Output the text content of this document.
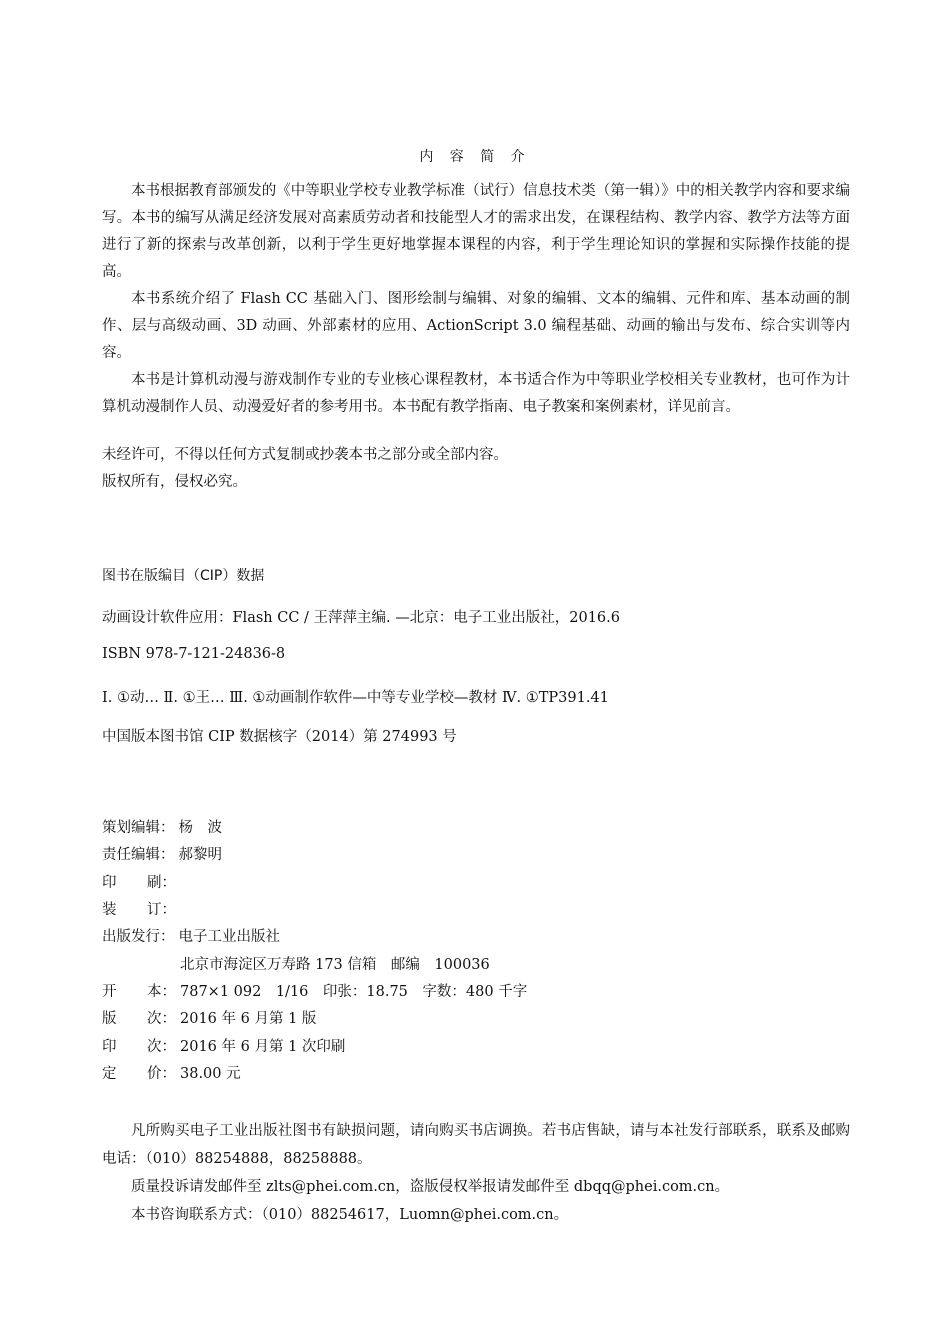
内 容 简 介

本书根据教育部颁发的《中等职业学校专业教学标准（试行）信息技术类（第一辑）》中的相关教学内容和要求编写。本书的编写从满足经济发展对高素质劳动者和技能型人才的需求出发，在课程结构、教学内容、教学方法等方面进行了新的探索与改革创新，以利于学生更好地掌握本课程的内容，利于学生理论知识的掌握和实际操作技能的提高。

本书系统介绍了 Flash CC 基础入门、图形绘制与编辑、对象的编辑、文本的编辑、元件和库、基本动画的制作、层与高级动画、3D 动画、外部素材的应用、ActionScript 3.0 编程基础、动画的输出与发布、综合实训等内容。

本书是计算机动漫与游戏制作专业的专业核心课程教材，本书适合作为中等职业学校相关专业教材，也可作为计算机动漫制作人员、动漫爱好者的参考用书。本书配有教学指南、电子教案和案例素材，详见前言。

未经许可，不得以任何方式复制或抄袭本书之部分或全部内容。

版权所有，侵权必究。

图书在版编目（CIP）数据
动画设计软件应用：Flash CC / 王萍萍主编. —北京：电子工业出版社，2016.6
ISBN 978-7-121-24836-8
Ⅰ. ①动… Ⅱ. ①王… Ⅲ. ①动画制作软件—中等专业学校—教材 Ⅳ. ①TP391.41
中国版本图书馆 CIP 数据核字（2014）第 274993 号
策划编辑 ： 杨　波
责任编辑 ： 郝黎明
印 刷：
装 订：
出版发行 ： 电子工业出版社
北京市海淀区万寿路 173 信箱　邮编　100036
开 本： 787×1 092　1/16　印张：18.75　字数：480 千字
版 次： 2016 年 6 月第 1 版
印 次： 2016 年 6 月第 1 次印刷
定 价： 38.00 元

凡所购买电子工业出版社图书有缺损问题，请向购买书店调换。若书店售缺，请与本社发行部联系，联系及邮购电话：（010）88254888，88258888。

质量投诉请发邮件至 zlts@phei.com.cn，盗版侵权举报请发邮件至 dbqq@phei.com.cn。

本书咨询联系方式：（010）88254617，Luomn@phei.com.cn。
